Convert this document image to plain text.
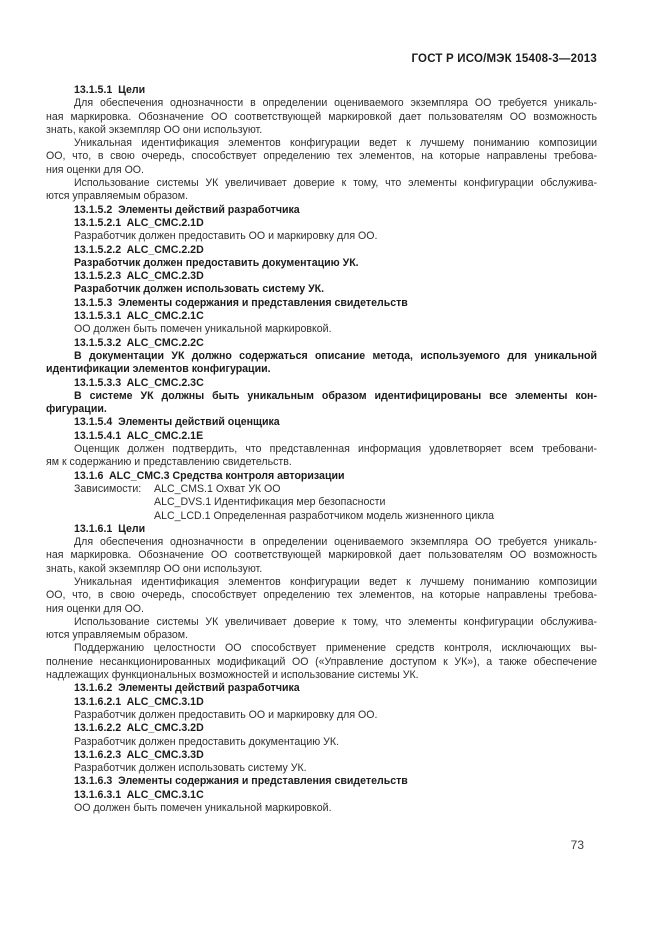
ГОСТ Р ИСО/МЭК 15408-3—2013
13.1.5.1  Цели
Для обеспечения однозначности в определении оцениваемого экземпляра ОО требуется уникаль-
ная маркировка. Обозначение ОО соответствующей маркировкой дает пользователям ОО возможность
знать, какой экземпляр ОО они используют.
Уникальная идентификация элементов конфигурации ведет к лучшему пониманию композиции
ОО, что, в свою очередь, способствует определению тех элементов, на которые направлены требова-
ния оценки для ОО.
Использование системы УК увеличивает доверие к тому, что элементы конфигурации обслужива-
ются управляемым образом.
13.1.5.2  Элементы действий разработчика
13.1.5.2.1  ALC_CMC.2.1D
Разработчик должен предоставить ОО и маркировку для ОО.
13.1.5.2.2  ALC_CMC.2.2D
Разработчик должен предоставить документацию УК.
13.1.5.2.3  ALC_CMC.2.3D
Разработчик должен использовать систему УК.
13.1.5.3  Элементы содержания и представления свидетельств
13.1.5.3.1  ALC_CMC.2.1C
ОО должен быть помечен уникальной маркировкой.
13.1.5.3.2  ALC_CMC.2.2C
В документации УК должно содержаться описание метода, используемого для уникальной
идентификации элементов конфигурации.
13.1.5.3.3  ALC_CMC.2.3C
В системе УК должны быть уникальным образом идентифицированы все элементы кон-
фигурации.
13.1.5.4  Элементы действий оценщика
13.1.5.4.1  ALC_CMC.2.1E
Оценщик должен подтвердить, что представленная информация удовлетворяет всем требовани-
ям к содержанию и представлению свидетельств.
13.1.6  ALC_CMC.3 Средства контроля авторизации
Зависимости: ALC_CMS.1 Охват УК ОО
ALC_DVS.1 Идентификация мер безопасности
ALC_LCD.1 Определенная разработчиком модель жизненного цикла
13.1.6.1  Цели
Для обеспечения однозначности в определении оцениваемого экземпляра ОО требуется уникаль-
ная маркировка. Обозначение ОО соответствующей маркировкой дает пользователям ОО возможность
знать, какой экземпляр ОО они используют.
Уникальная идентификация элементов конфигурации ведет к лучшему пониманию композиции
ОО, что, в свою очередь, способствует определению тех элементов, на которые направлены требова-
ния оценки для ОО.
Использование системы УК увеличивает доверие к тому, что элементы конфигурации обслужива-
ются управляемым образом.
Поддержанию целостности ОО способствует применение средств контроля, исключающих вы-
полнение несанкционированных модификаций ОО («Управление доступом к УК»), а также обеспечение
надлежащих функциональных возможностей и использование системы УК.
13.1.6.2  Элементы действий разработчика
13.1.6.2.1  ALC_CMC.3.1D
Разработчик должен предоставить ОО и маркировку для ОО.
13.1.6.2.2  ALC_CMC.3.2D
Разработчик должен предоставить документацию УК.
13.1.6.2.3  ALC_CMC.3.3D
Разработчик должен использовать систему УК.
13.1.6.3  Элементы содержания и представления свидетельств
13.1.6.3.1  ALC_CMC.3.1C
ОО должен быть помечен уникальной маркировкой.
73
